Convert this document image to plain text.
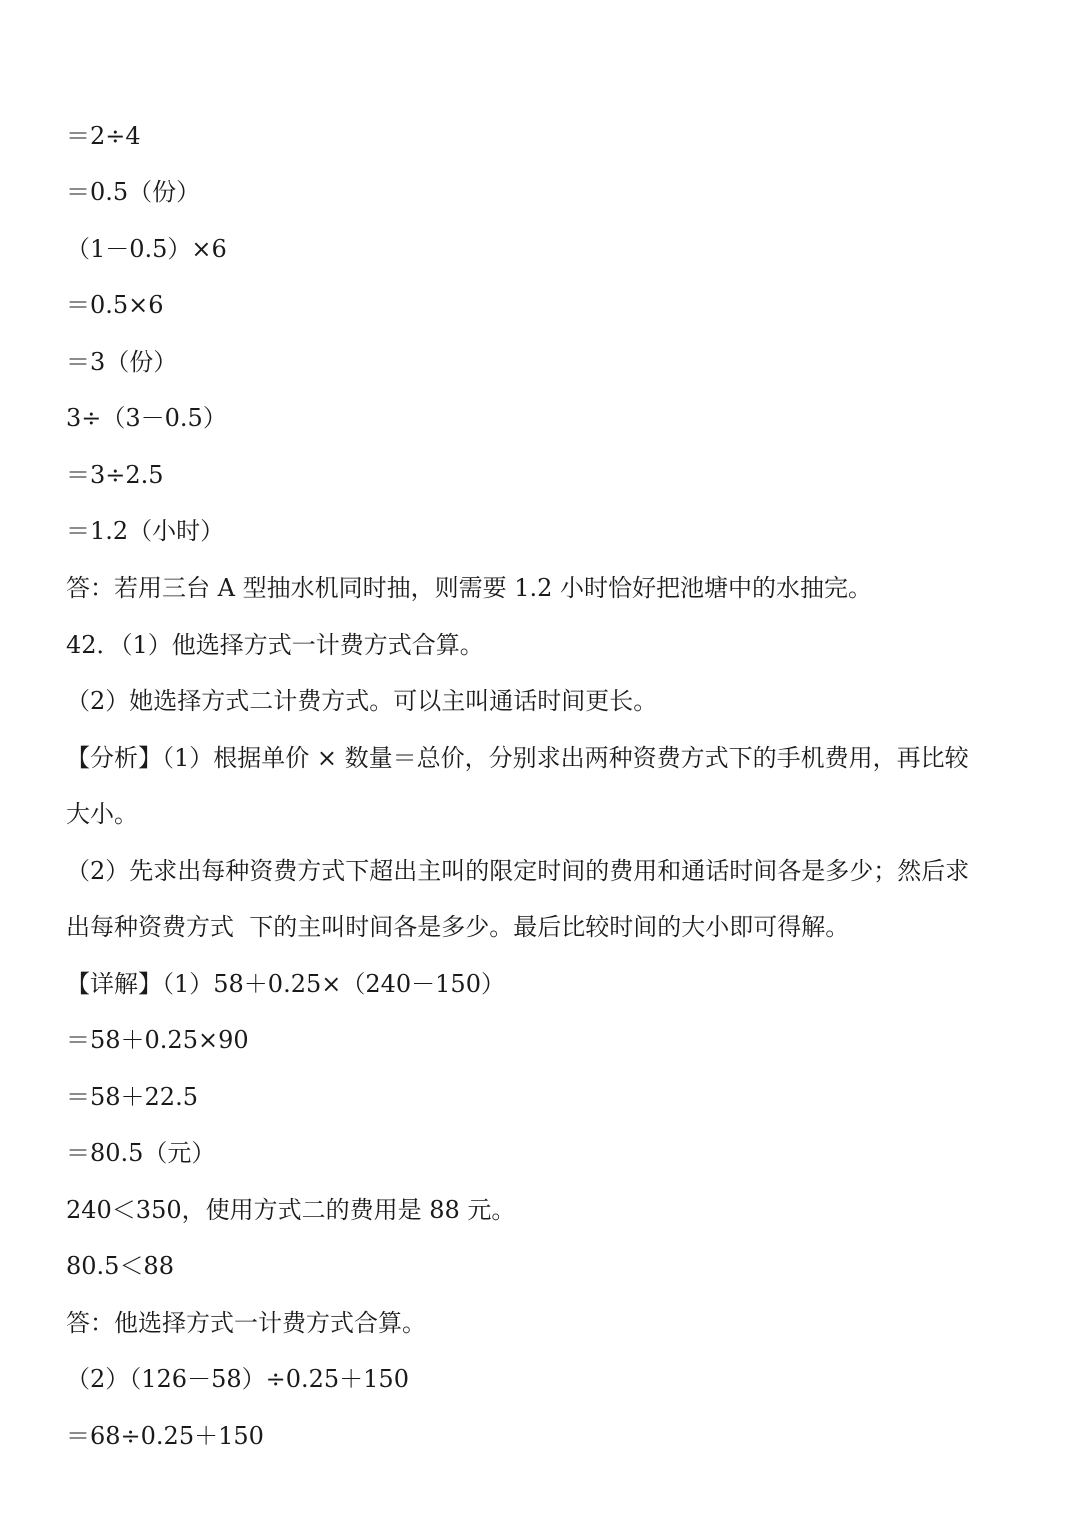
＝2÷4
＝0.5（份）
（1－0.5）×6
＝0.5×6
＝3（份）
3÷（3－0.5）
＝3÷2.5
＝1.2（小时）
答：若用三台 A 型抽水机同时抽，则需要 1.2 小时恰好把池塘中的水抽完。
42．（1）他选择方式一计费方式合算。
（2）她选择方式二计费方式。可以主叫通话时间更长。
【分析】（1）根据单价 × 数量＝总价，分别求出两种资费方式下的手机费用，再比较
大小。
（2）先求出每种资费方式下超出主叫的限定时间的费用和通话时间各是多少；然后求
出每种资费方式  下的主叫时间各是多少。最后比较时间的大小即可得解。
【详解】（1）58＋0.25×（240－150）
＝58＋0.25×90
＝58＋22.5
＝80.5（元）
240＜350，使用方式二的费用是 88 元。
80.5＜88
答：他选择方式一计费方式合算。
（2）（126－58）÷0.25＋150
＝68÷0.25＋150
